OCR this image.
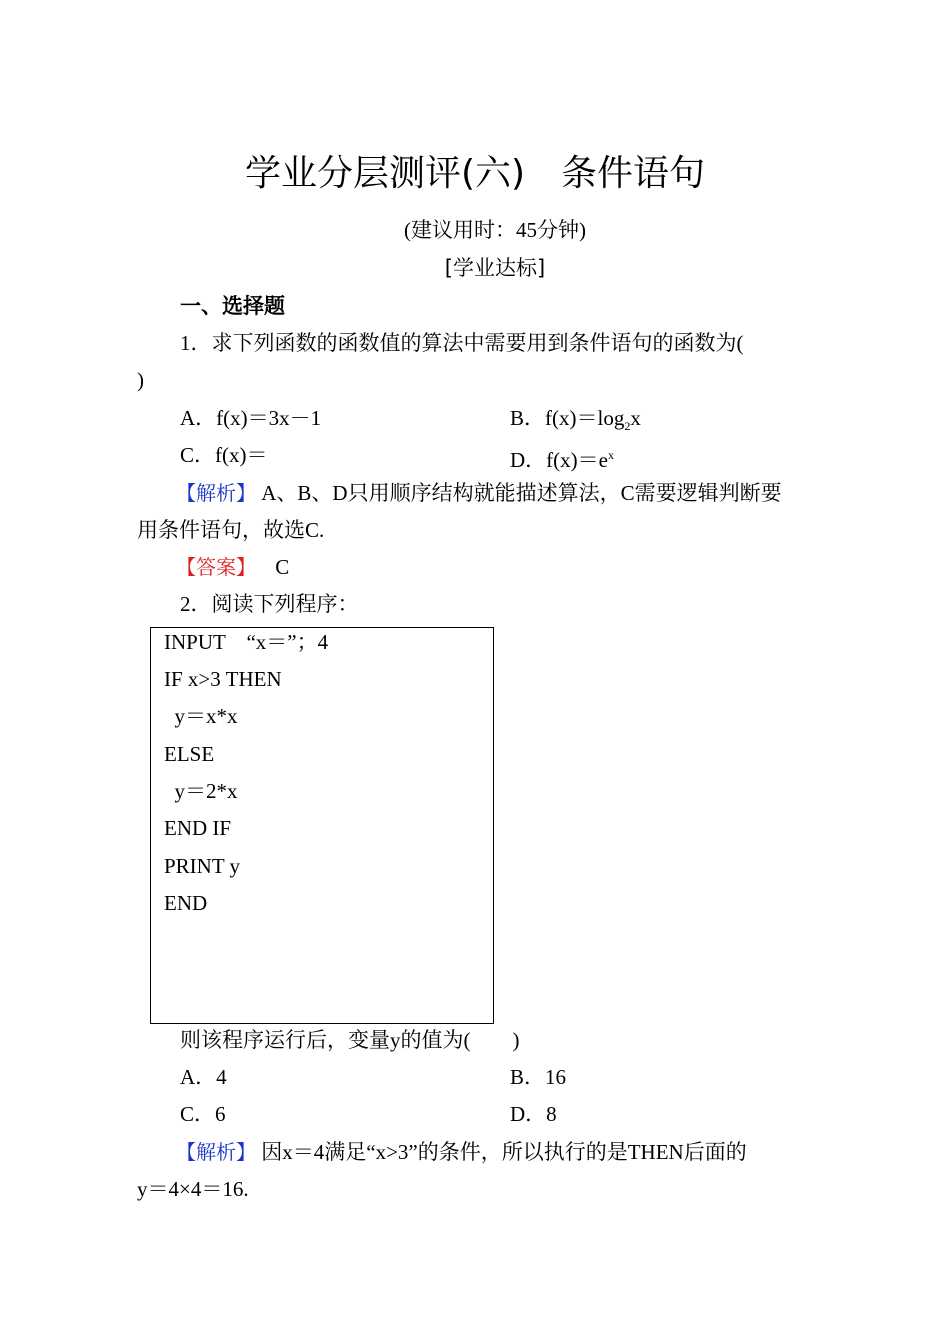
学业分层测评(六)　条件语句
(建议用时：45分钟)
[学业达标]
一、选择题
1．求下列函数的函数值的算法中需要用到条件语句的函数为(
)
A．f(x)＝3x－1	B．$f(x)=\log_2x$
C．f(x)＝	D．$f(x)=e^x$
【解析】 A、B、D只用顺序结构就能描述算法，C需要逻辑判断要
用条件语句，故选C.
【答案】 C
2．阅读下列程序：
INPUT　“x＝”；4
IF x>3 THEN
y＝x*x
ELSE
y＝2*x
END IF
PRINT y
END
则该程序运行后，变量y的值为(　　)
A．4	B．16
C．6	D．8
【解析】 因x＝4满足“x>3”的条件，所以执行的是THEN后面的
y＝4×4＝16.
